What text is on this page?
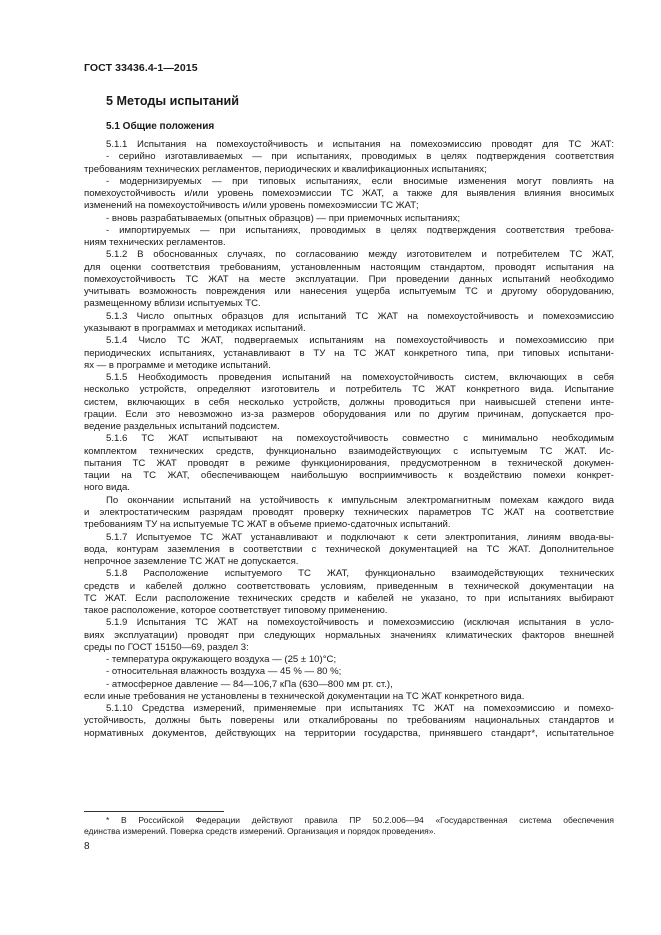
ГОСТ 33436.4-1—2015
5 Методы испытаний
5.1 Общие положения
5.1.1 Испытания на помехоустойчивость и испытания на помехоэмиссию проводят для ТС ЖАТ:
- серийно изготавливаемых — при испытаниях, проводимых в целях подтверждения соответствия
требованиям технических регламентов, периодических и квалификационных испытаниях;
- модернизируемых — при типовых испытаниях, если вносимые изменения могут повлиять на
помехоустойчивость и/или уровень помехоэмиссии ТС ЖАТ, а также для выявления влияния вносимых
изменений на помехоустойчивость и/или уровень помехоэмиссии ТС ЖАТ;
- вновь разрабатываемых (опытных образцов) — при приемочных испытаниях;
- импортируемых — при испытаниях, проводимых в целях подтверждения соответствия требова-
ниям технических регламентов.
5.1.2 В обоснованных случаях, по согласованию между изготовителем и потребителем ТС ЖАТ,
для оценки соответствия требованиям, установленным настоящим стандартом, проводят испытания на
помехоустойчивость ТС ЖАТ на месте эксплуатации. При проведении данных испытаний необходимо
учитывать возможность повреждения или нанесения ущерба испытуемым ТС и другому оборудованию,
размещенному вблизи испытуемых ТС.
5.1.3 Число опытных образцов для испытаний ТС ЖАТ на помехоустойчивость и помехоэмиссию
указывают в программах и методиках испытаний.
5.1.4 Число ТС ЖАТ, подвергаемых испытаниям на помехоустойчивость и помехоэмиссию при
периодических испытаниях, устанавливают в ТУ на ТС ЖАТ конкретного типа, при типовых испытани-
ях — в программе и методике испытаний.
5.1.5 Необходимость проведения испытаний на помехоустойчивость систем, включающих в себя
несколько устройств, определяют изготовитель и потребитель ТС ЖАТ конкретного вида. Испытание
систем, включающих в себя несколько устройств, должны проводиться при наивысшей степени инте-
грации. Если это невозможно из-за размеров оборудования или по другим причинам, допускается про-
ведение раздельных испытаний подсистем.
5.1.6 ТС ЖАТ испытывают на помехоустойчивость совместно с минимально необходимым
комплектом технических средств, функционально взаимодействующих с испытуемым ТС ЖАТ. Ис-
пытания ТС ЖАТ проводят в режиме функционирования, предусмотренном в технической докумен-
тации на ТС ЖАТ, обеспечивающем наибольшую восприимчивость к воздействию помехи конкрет-
ного вида.
По окончании испытаний на устойчивость к импульсным электромагнитным помехам каждого вида
и электростатическим разрядам проводят проверку технических параметров ТС ЖАТ на соответствие
требованиям ТУ на испытуемые ТС ЖАТ в объеме приемо-сдаточных испытаний.
5.1.7 Испытуемое ТС ЖАТ устанавливают и подключают к сети электропитания, линиям ввода-вы-
вода, контурам заземления в соответствии с технической документацией на ТС ЖАТ. Дополнительное
непрочное заземление ТС ЖАТ не допускается.
5.1.8 Расположение испытуемого ТС ЖАТ, функционально взаимодействующих технических
средств и кабелей должно соответствовать условиям, приведенным в технической документации на
ТС ЖАТ. Если расположение технических средств и кабелей не указано, то при испытаниях выбирают
такое расположение, которое соответствует типовому применению.
5.1.9 Испытания ТС ЖАТ на помехоустойчивость и помехоэмиссию (исключая испытания в усло-
виях эксплуатации) проводят при следующих нормальных значениях климатических факторов внешней
среды по ГОСТ 15150—69, раздел 3:
- температура окружающего воздуха — (25 ± 10)°C;
- относительная влажность воздуха — 45 % — 80 %;
- атмосферное давление — 84—106,7 кПа (630—800 мм рт. ст.),
если иные требования не установлены в технической документации на ТС ЖАТ конкретного вида.
5.1.10 Средства измерений, применяемые при испытаниях ТС ЖАТ на помехоэмиссию и помехо-
устойчивость, должны быть поверены или откалиброваны по требованиям национальных стандартов и
нормативных документов, действующих на территории государства, принявшего стандарт*, испытательное
* В Российской Федерации действуют правила ПР 50.2.006—94 «Государственная система обеспечения
единства измерений. Поверка средств измерений. Организация и порядок проведения».
8
